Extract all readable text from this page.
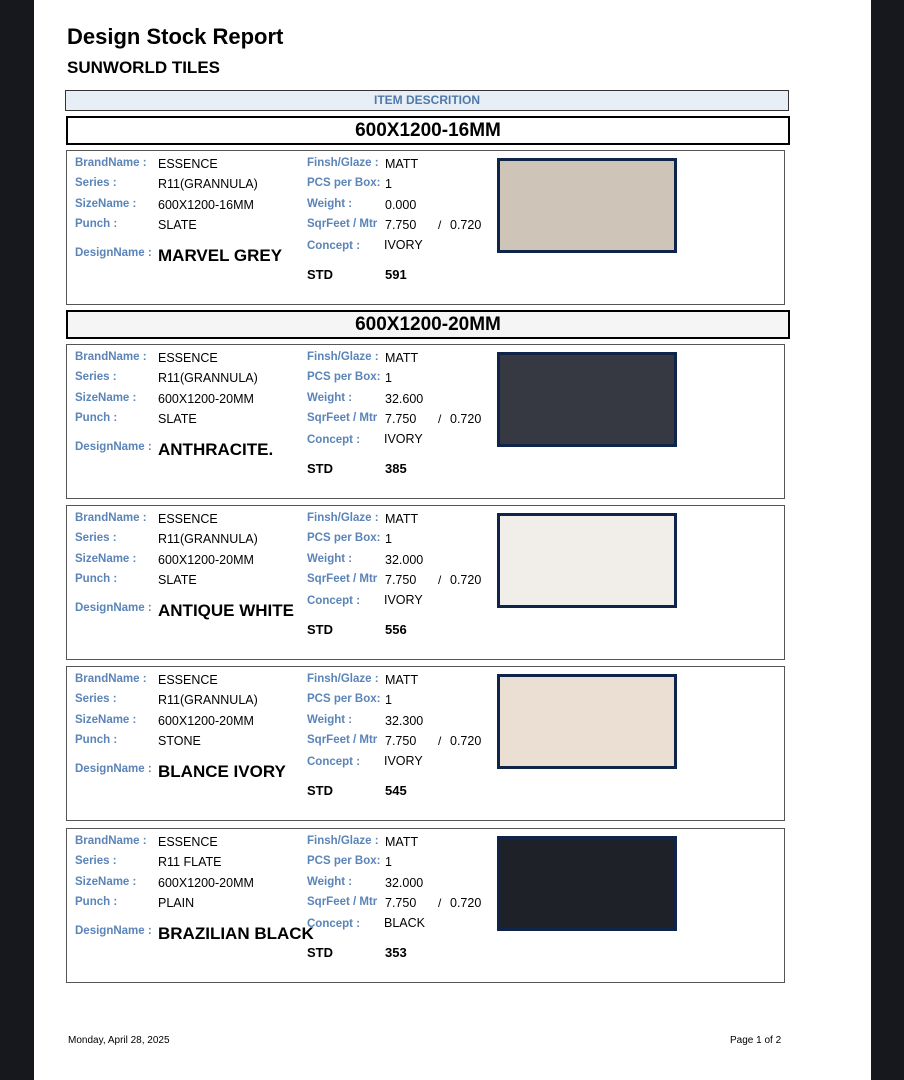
Design Stock Report
SUNWORLD TILES
ITEM DESCRITION
600X1200-16MM
600X1200-20MM
BrandName : ESSENCE
Series :	R11(GRANNULA)
SizeName : 600X1200-16MM
Punch :	SLATE
DesignName : MARVEL GREY
Finsh/Glaze : MATT
PCS per Box: 1
Weight :	0.000
SqrFeet / Mtr 7.750 / 0.720
Concept : IVORY
STD	591
BrandName : ESSENCE
Series :	R11(GRANNULA)
SizeName : 600X1200-20MM
Punch :	SLATE
DesignName : ANTHRACITE.
Finsh/Glaze : MATT
PCS per Box: 1
Weight :	32.600
SqrFeet / Mtr 7.750 / 0.720
Concept : IVORY
STD	385
BrandName : ESSENCE
Series :	R11(GRANNULA)
SizeName : 600X1200-20MM
Punch :	SLATE
DesignName : ANTIQUE WHITE
Finsh/Glaze : MATT
PCS per Box: 1
Weight :	32.000
SqrFeet / Mtr 7.750 / 0.720
Concept : IVORY
STD	556
BrandName : ESSENCE
Series :	R11(GRANNULA)
SizeName : 600X1200-20MM
Punch :	STONE
DesignName : BLANCE IVORY
Finsh/Glaze : MATT
PCS per Box: 1
Weight :	32.300
SqrFeet / Mtr 7.750 / 0.720
Concept : IVORY
STD	545
BrandName : ESSENCE
Series :	R11 FLATE
SizeName : 600X1200-20MM
Punch :	PLAIN
DesignName : BRAZILIAN BLACK
Finsh/Glaze : MATT
PCS per Box: 1
Weight :	32.000
SqrFeet / Mtr 7.750 / 0.720
Concept : BLACK
STD	353
Monday, April 28, 2025	Page 1 of 2
